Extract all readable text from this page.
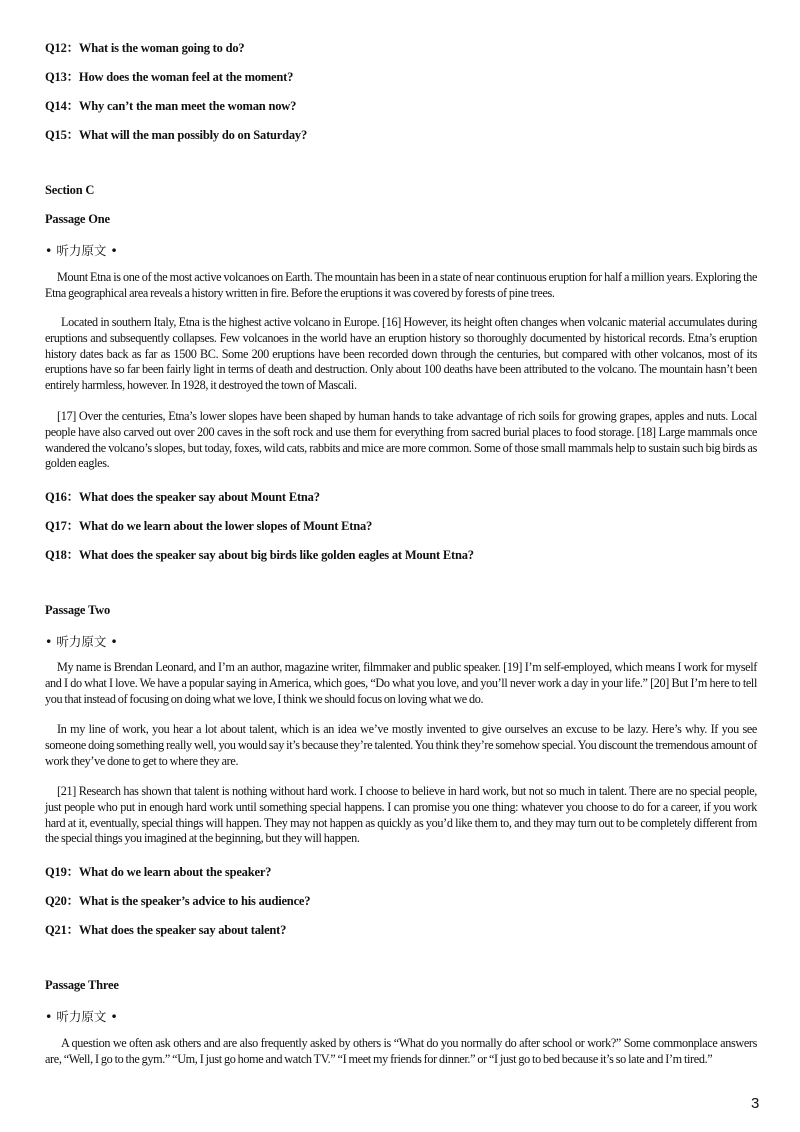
Q12：What is the woman going to do?
Q13：How does the woman feel at the moment?
Q14：Why can’t the man meet the woman now?
Q15：What will the man possibly do on Saturday?
Section C
Passage One
• 听力原文 •

Mount Etna is one of the most active volcanoes on Earth. The mountain has been in a state of near continuous eruption for half a million years. Exploring the Etna geographical area reveals a history written in fire. Before the eruptions it was covered by forests of pine trees.

Located in southern Italy, Etna is the highest active volcano in Europe. [16] However, its height often changes when volcanic material accumulates during eruptions and subsequently collapses. Few volcanoes in the world have an eruption history so thoroughly documented by historical records. Etna’s eruption history dates back as far as 1500 BC. Some 200 eruptions have been recorded down through the centuries, but compared with other volcanos, most of its eruptions have so far been fairly light in terms of death and destruction. Only about 100 deaths have been attributed to the volcano. The mountain hasn’t been entirely harmless, however. In 1928, it destroyed the town of Mascali.

[17] Over the centuries, Etna’s lower slopes have been shaped by human hands to take advantage of rich soils for growing grapes, apples and nuts. Local people have also carved out over 200 caves in the soft rock and use them for everything from sacred burial places to food storage. [18] Large mammals once wandered the volcano’s slopes, but today, foxes, wild cats, rabbits and mice are more common. Some of those small mammals help to sustain such big birds as golden eagles.

Q16：What does the speaker say about Mount Etna?
Q17：What do we learn about the lower slopes of Mount Etna?
Q18：What does the speaker say about big birds like golden eagles at Mount Etna?
Passage Two
• 听力原文 •

My name is Brendan Leonard, and I’m an author, magazine writer, filmmaker and public speaker. [19] I’m self-employed, which means I work for myself and I do what I love. We have a popular saying in America, which goes, “Do what you love, and you’ll never work a day in your life.” [20] But I’m here to tell you that instead of focusing on doing what we love, I think we should focus on loving what we do.

In my line of work, you hear a lot about talent, which is an idea we’ve mostly invented to give ourselves an excuse to be lazy. Here’s why. If you see someone doing something really well, you would say it’s because they’re talented. You think they’re somehow special. You discount the tremendous amount of work they’ve done to get to where they are.

[21] Research has shown that talent is nothing without hard work. I choose to believe in hard work, but not so much in talent. There are no special people, just people who put in enough hard work until something special happens. I can promise you one thing: whatever you choose to do for a career, if you work hard at it, eventually, special things will happen. They may not happen as quickly as you’d like them to, and they may turn out to be completely different from the special things you imagined at the beginning, but they will happen.

Q19：What do we learn about the speaker?
Q20：What is the speaker’s advice to his audience?
Q21：What does the speaker say about talent?
Passage Three
• 听力原文 •

A question we often ask others and are also frequently asked by others is “What do you normally do after school or work?” Some commonplace answers are, “Well, I go to the gym.” “Um, I just go home and watch TV.” “I meet my friends for dinner.” or “I just go to bed because it’s so late and I’m tired.”

3
